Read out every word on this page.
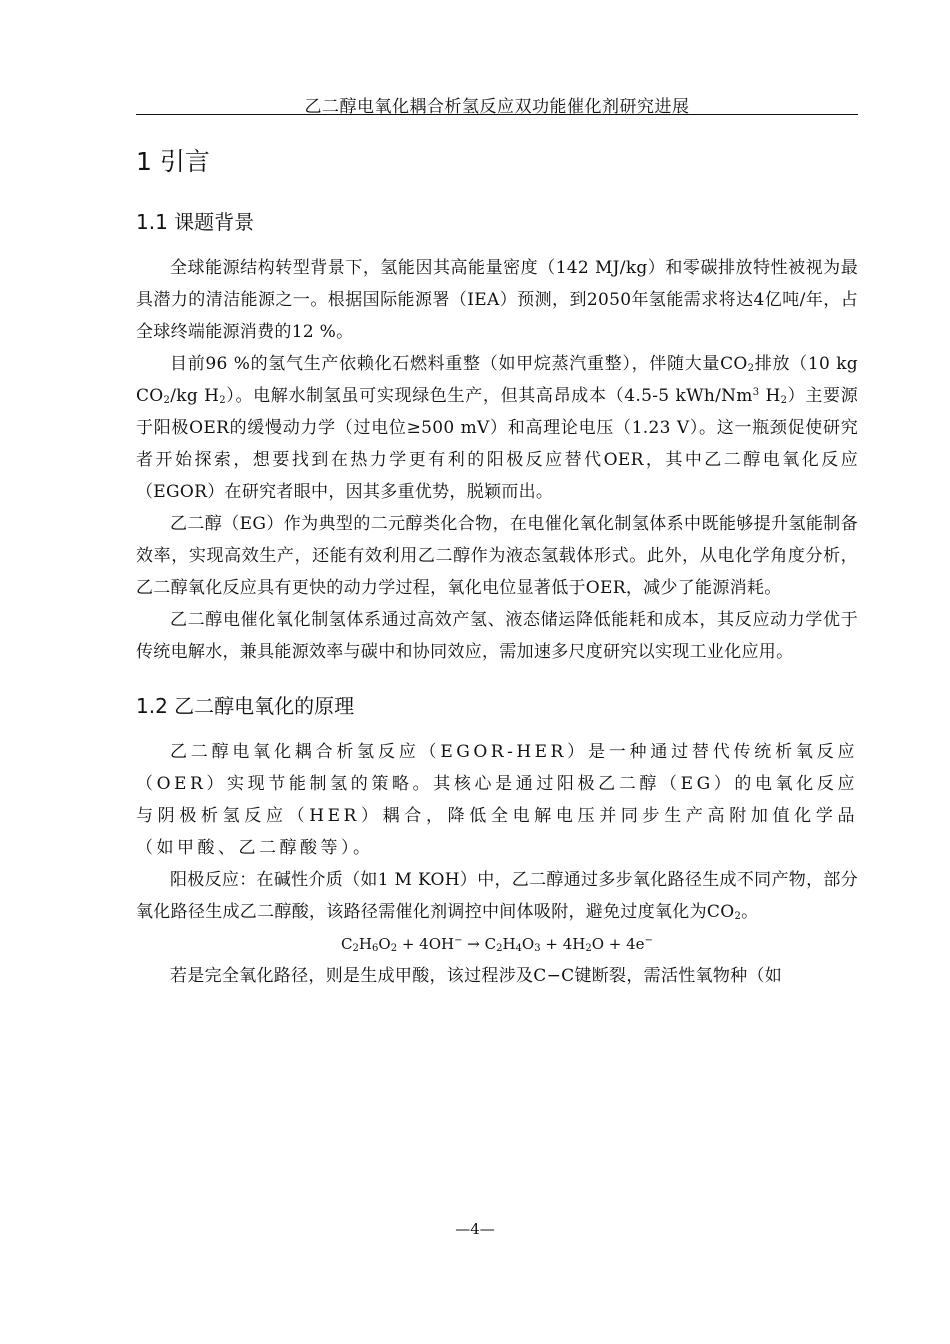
乙二醇电氧化耦合析氢反应双功能催化剂研究进展
1 引言
1.1 课题背景

全球能源结构转型背景下，氢能因其高能量密度（142 MJ/kg）和零碳排放特性被视为最具潜力的清洁能源之一。根据国际能源署（IEA）预测，到2050年氢能需求将达4亿吨/年，占全球终端能源消费的12 %。

目前96 %的氢气生产依赖化石燃料重整（如甲烷蒸汽重整），伴随大量$CO_2$排放（10 kg $CO_2/kg$ $H_2$）。电解水制氢虽可实现绿色生产，但其高昂成本（4.5-5 kWh/Nm$^3$ $H_2$）主要源于阳极OER的缓慢动力学（过电位≥500 mV）和高理论电压（1.23 V）。这一瓶颈促使研究者开始探索，想要找到在热力学更有利的阳极反应替代OER，其中乙二醇电氧化反应（EGOR）在研究者眼中，因其多重优势，脱颖而出。

乙二醇（EG）作为典型的二元醇类化合物，在电催化氧化制氢体系中既能够提升氢能制备效率，实现高效生产，还能有效利用乙二醇作为液态氢载体形式。此外，从电化学角度分析，乙二醇氧化反应具有更快的动力学过程，氧化电位显著低于OER，减少了能源消耗。

乙二醇电催化氧化制氢体系通过高效产氢、液态储运降低能耗和成本，其反应动力学优于传统电解水，兼具能源效率与碳中和协同效应，需加速多尺度研究以实现工业化应用。

1.2 乙二醇电氧化的原理

乙二醇电氧化耦合析氢反应（EGOR-HER）是一种通过替代传统析氧反应（OER）实现节能制氢的策略。其核心是通过阳极乙二醇（EG）的电氧化反应与阴极析氢反应（HER）耦合，降低全电解电压并同步生产高附加值化学品（如甲酸、乙二醇酸等）。

阳极反应：在碱性介质（如1 M KOH）中，乙二醇通过多步氧化路径生成不同产物，部分氧化路径生成乙二醇酸，该路径需催化剂调控中间体吸附，避免过度氧化为$CO_2$。

$C_2H_6O_2 + 4OH^- \to C_2H_4O_3 + 4H_2O + 4e^-$

若是完全氧化路径，则是生成甲酸，该过程涉及C−C键断裂，需活性氧物种（如

—4—
